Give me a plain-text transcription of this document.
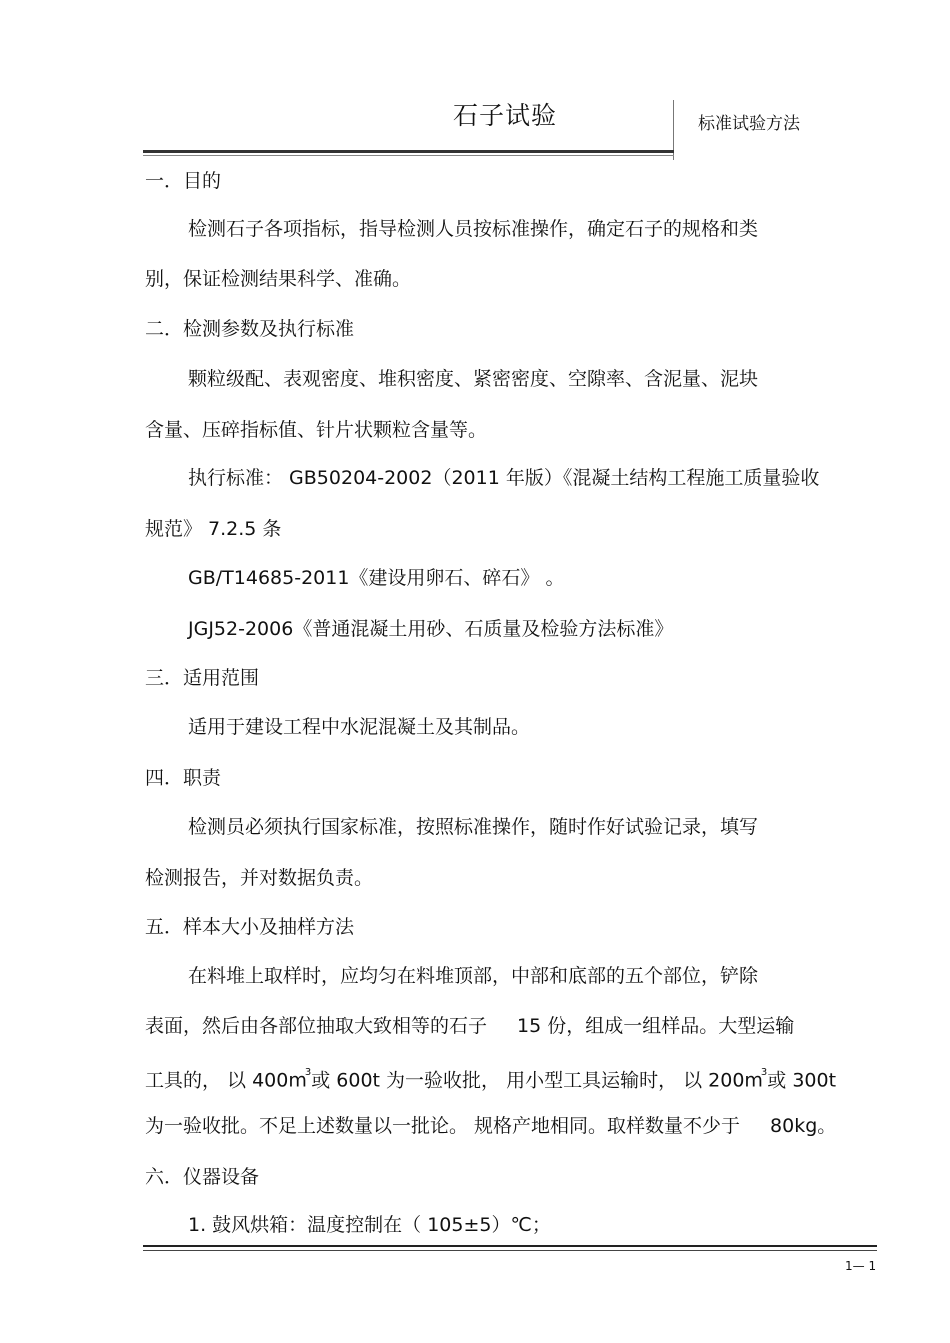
石子试验	标准试验方法
一．目的
检测石子各项指标，指导检测人员按标准操作，确定石子的规格和类
别，保证检测结果科学、准确。
二．检测参数及执行标准
颗粒级配、表观密度、堆积密度、紧密密度、空隙率、含泥量、泥块
含量、压碎指标值、针片状颗粒含量等。
执行标准： GB50204-2002（2011 年版）《混凝土结构工程施工质量验收
规范》 7.2.5 条
GB/T14685-2011《建设用卵石、碎石》 。
JGJ52-2006《普通混凝土用砂、石质量及检验方法标准》
三．适用范围
适用于建设工程中水泥混凝土及其制品。
四．职责
检测员必须执行国家标准，按照标准操作，随时作好试验记录，填写
检测报告，并对数据负责。
五．样本大小及抽样方法
在料堆上取样时，应均匀在料堆顶部，中部和底部的五个部位，铲除
表面，然后由各部位抽取大致相等的石子 15 份，组成一组样品。大型运输
工具的， 以 $400m^3$或 600t 为一验收批， 用小型工具运输时， 以 $200m^3$或 300t
为一验收批。不足上述数量以一批论。 规格产地相同。取样数量不少于 80kg。
六．仪器设备
1. 鼓风烘箱：温度控制在（ 105±5）℃；
1— 1
